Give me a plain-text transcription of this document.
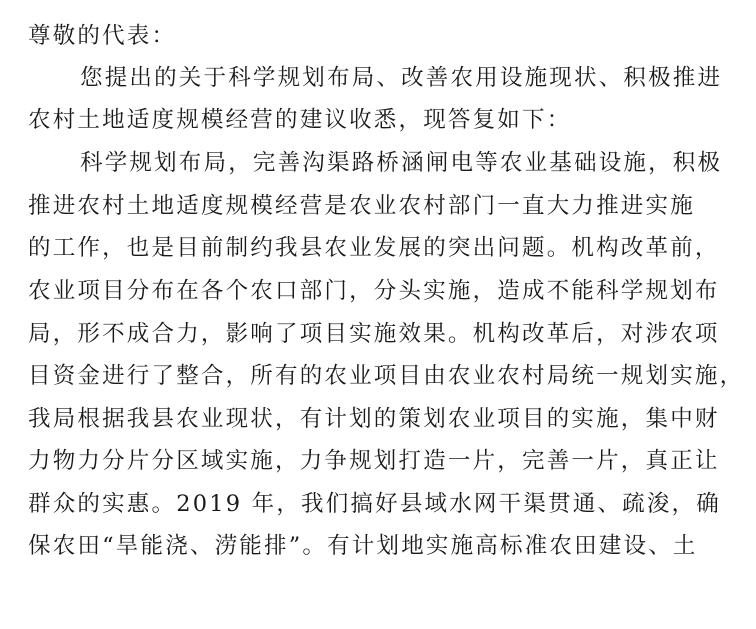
尊敬的代表：
您提出的关于科学规划布局、改善农用设施现状、积极推进
农村土地适度规模经营的建议收悉，现答复如下：
科学规划布局，完善沟渠路桥涵闸电等农业基础设施，积极
推进农村土地适度规模经营是农业农村部门一直大力推进实施
的工作，也是目前制约我县农业发展的突出问题。机构改革前，
农业项目分布在各个农口部门，分头实施，造成不能科学规划布
局，形不成合力，影响了项目实施效果。机构改革后，对涉农项
目资金进行了整合，所有的农业项目由农业农村局统一规划实施，
我局根据我县农业现状，有计划的策划农业项目的实施，集中财
力物力分片分区域实施，力争规划打造一片，完善一片，真正让
群众的实惠。2019 年，我们搞好县域水网干渠贯通、疏浚，确
保农田“旱能浇、涝能排”。有计划地实施高标准农田建设、土
